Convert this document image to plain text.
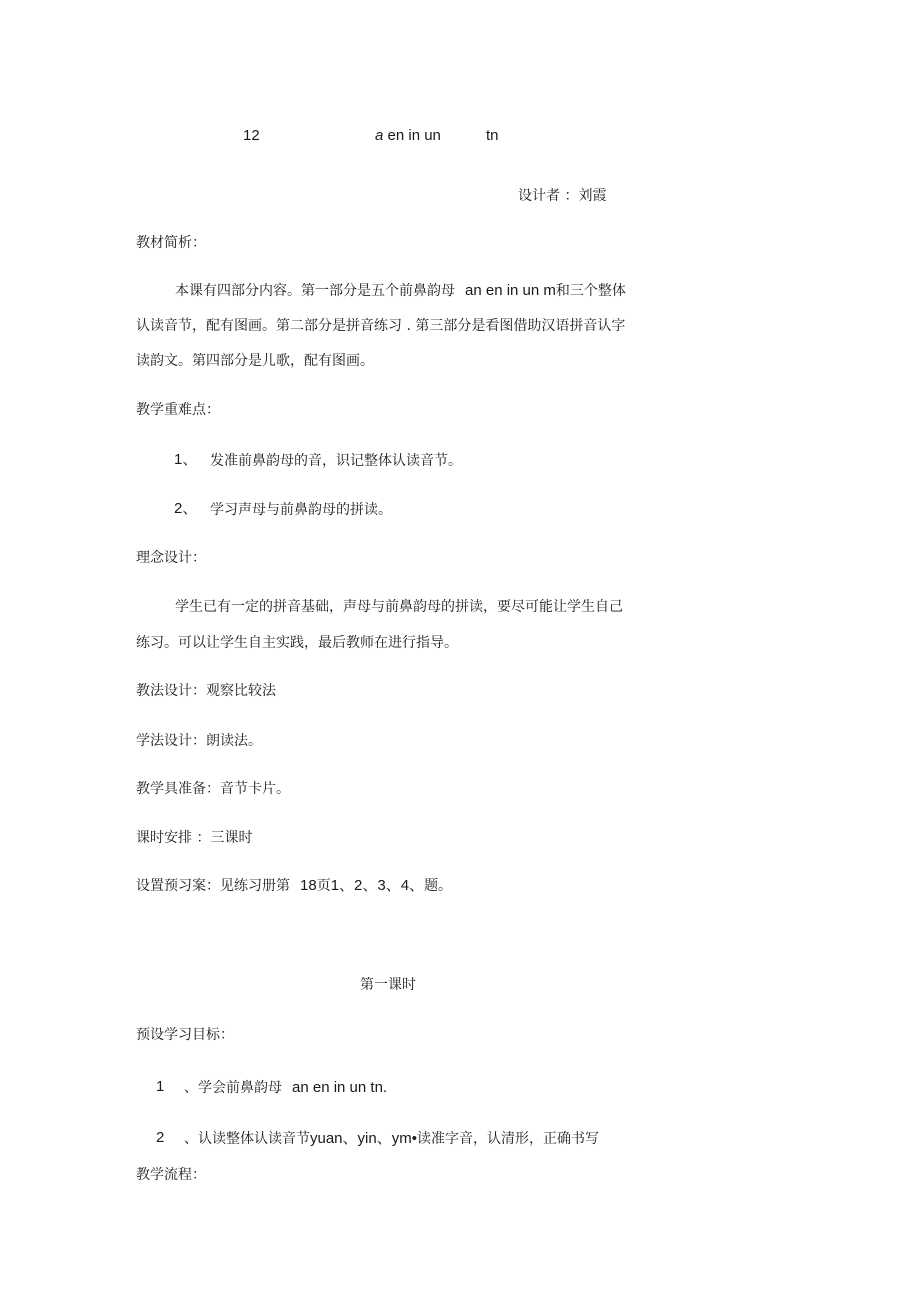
12	a en in un	tn
设计者 ：刘霞
教材简析：
本课有四部分内容。第一部分是五个前鼻韵母 an en in un m和三个整体
认读音节，配有图画。第二部分是拼音练习 . 第三部分是看图借助汉语拼音认字
读韵文。第四部分是儿歌，配有图画。
教学重难点：
1、 发准前鼻韵母的音，识记整体认读音节。
2、 学习声母与前鼻韵母的拼读。
理念设计：
学生已有一定的拼音基础，声母与前鼻韵母的拼读，要尽可能让学生自己
练习。可以让学生自主实践，最后教师在进行指导。
教法设计：观察比较法
学法设计：朗读法。
教学具准备：音节卡片。
课时安排 ：三课时
设置预习案：见练习册第 18页1、2、3、4、题。
第一课时
预设学习目标：
1 、学会前鼻韵母 an en in un tn.
2 、认读整体认读音节yuan、yin、ym•读准字音，认清形，正确书写
教学流程：
